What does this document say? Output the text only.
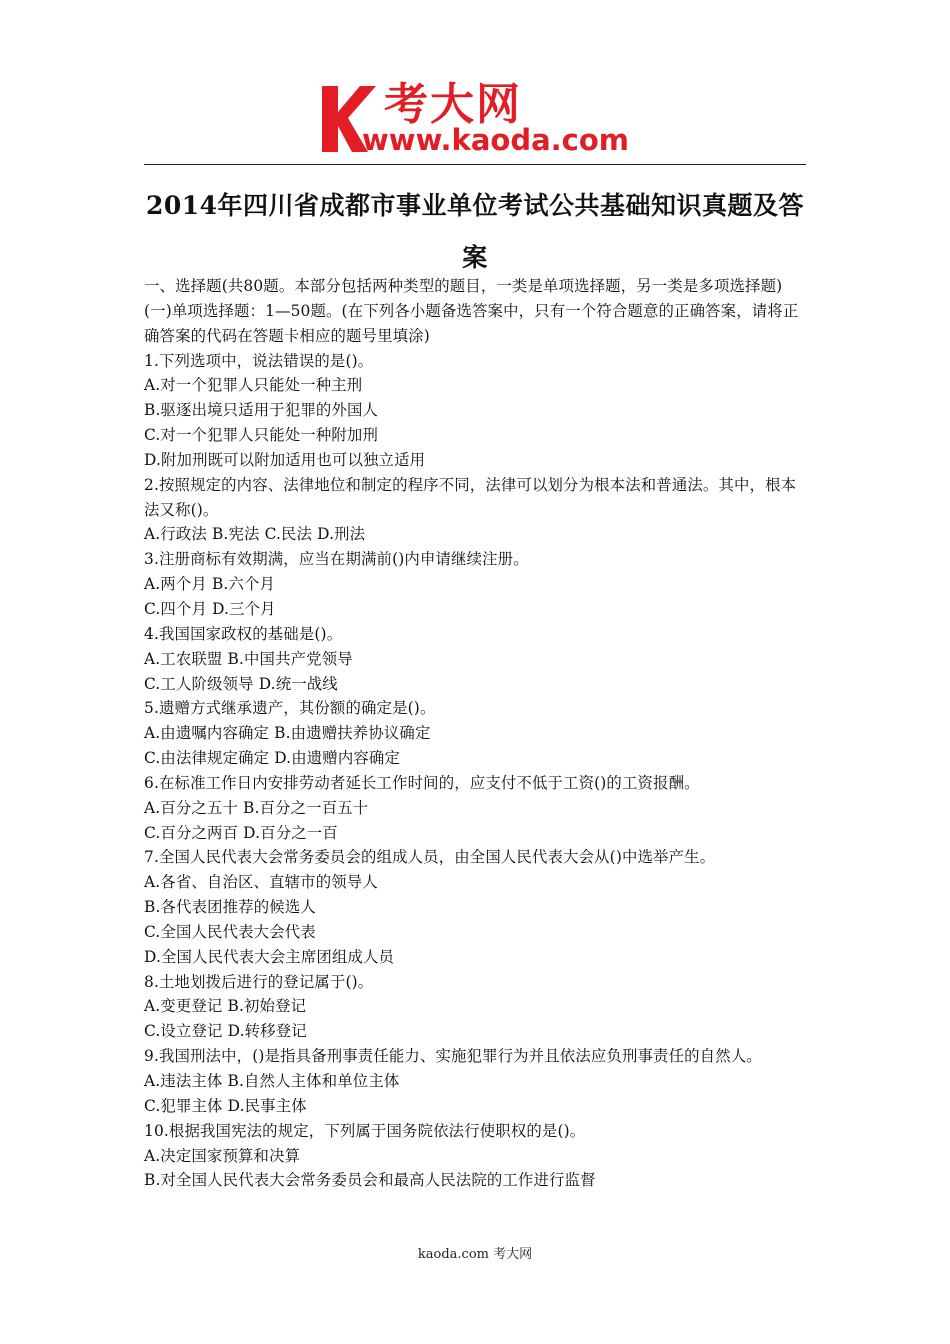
考大网
www.kaoda.com
2014年四川省成都市事业单位考试公共基础知识真题及答案

一、选择题(共80题。本部分包括两种类型的题目，一类是单项选择题，另一类是多项选择题)

(一)单项选择题：1—50题。(在下列各小题备选答案中，只有一个符合题意的正确答案，请将正确答案的代码在答题卡相应的题号里填涂)

1.下列选项中，说法错误的是()。

A.对一个犯罪人只能处一种主刑

B.驱逐出境只适用于犯罪的外国人

C.对一个犯罪人只能处一种附加刑

D.附加刑既可以附加适用也可以独立适用

2.按照规定的内容、法律地位和制定的程序不同，法律可以划分为根本法和普通法。其中，根本法又称()。

A.行政法 B.宪法 C.民法 D.刑法

3.注册商标有效期满，应当在期满前()内申请继续注册。

A.两个月 B.六个月

C.四个月 D.三个月

4.我国国家政权的基础是()。

A.工农联盟 B.中国共产党领导

C.工人阶级领导 D.统一战线

5.遗赠方式继承遗产，其份额的确定是()。

A.由遗嘱内容确定 B.由遗赠扶养协议确定

C.由法律规定确定 D.由遗赠内容确定

6.在标准工作日内安排劳动者延长工作时间的，应支付不低于工资()的工资报酬。

A.百分之五十 B.百分之一百五十

C.百分之两百 D.百分之一百

7.全国人民代表大会常务委员会的组成人员，由全国人民代表大会从()中选举产生。

A.各省、自治区、直辖市的领导人

B.各代表团推荐的候选人

C.全国人民代表大会代表

D.全国人民代表大会主席团组成人员

8.土地划拨后进行的登记属于()。

A.变更登记 B.初始登记

C.设立登记 D.转移登记

9.我国刑法中，()是指具备刑事责任能力、实施犯罪行为并且依法应负刑事责任的自然人。

A.违法主体 B.自然人主体和单位主体

C.犯罪主体 D.民事主体

10.根据我国宪法的规定，下列属于国务院依法行使职权的是()。

A.决定国家预算和决算

B.对全国人民代表大会常务委员会和最高人民法院的工作进行监督

kaoda.com 考大网
